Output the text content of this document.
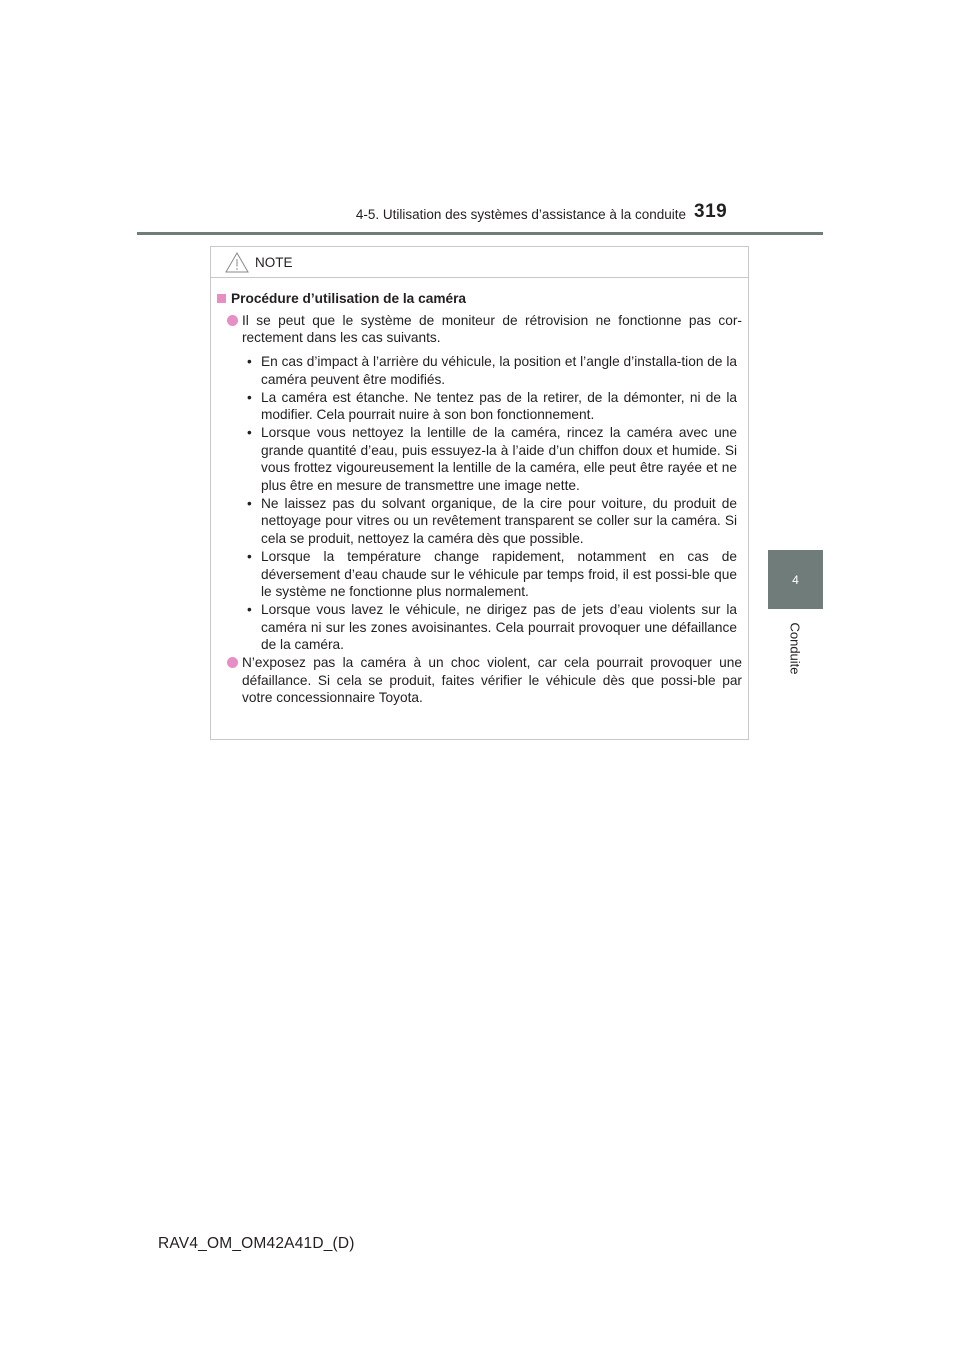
4-5. Utilisation des systèmes d’assistance à la conduite 319
4
Conduite
NOTE
Procédure d’utilisation de la caméra

Il se peut que le système de moniteur de rétrovision ne fonctionne pas cor-rectement dans les cas suivants.

• En cas d’impact à l’arrière du véhicule, la position et l’angle d’installa-tion de la caméra peuvent être modifiés.
• La caméra est étanche. Ne tentez pas de la retirer, de la démonter, ni de la modifier. Cela pourrait nuire à son bon fonctionnement.
• Lorsque vous nettoyez la lentille de la caméra, rincez la caméra avec une grande quantité d’eau, puis essuyez-la à l’aide d’un chiffon doux et humide. Si vous frottez vigoureusement la lentille de la caméra, elle peut être rayée et ne plus être en mesure de transmettre une image nette.
• Ne laissez pas du solvant organique, de la cire pour voiture, du produit de nettoyage pour vitres ou un revêtement transparent se coller sur la caméra. Si cela se produit, nettoyez la caméra dès que possible.
• Lorsque la température change rapidement, notamment en cas de déversement d’eau chaude sur le véhicule par temps froid, il est possi-ble que le système ne fonctionne plus normalement.
• Lorsque vous lavez le véhicule, ne dirigez pas de jets d’eau violents sur la caméra ni sur les zones avoisinantes. Cela pourrait provoquer une défaillance de la caméra.

N’exposez pas la caméra à un choc violent, car cela pourrait provoquer une défaillance. Si cela se produit, faites vérifier le véhicule dès que possi-ble par votre concessionnaire Toyota.

RAV4_OM_OM42A41D_(D)
